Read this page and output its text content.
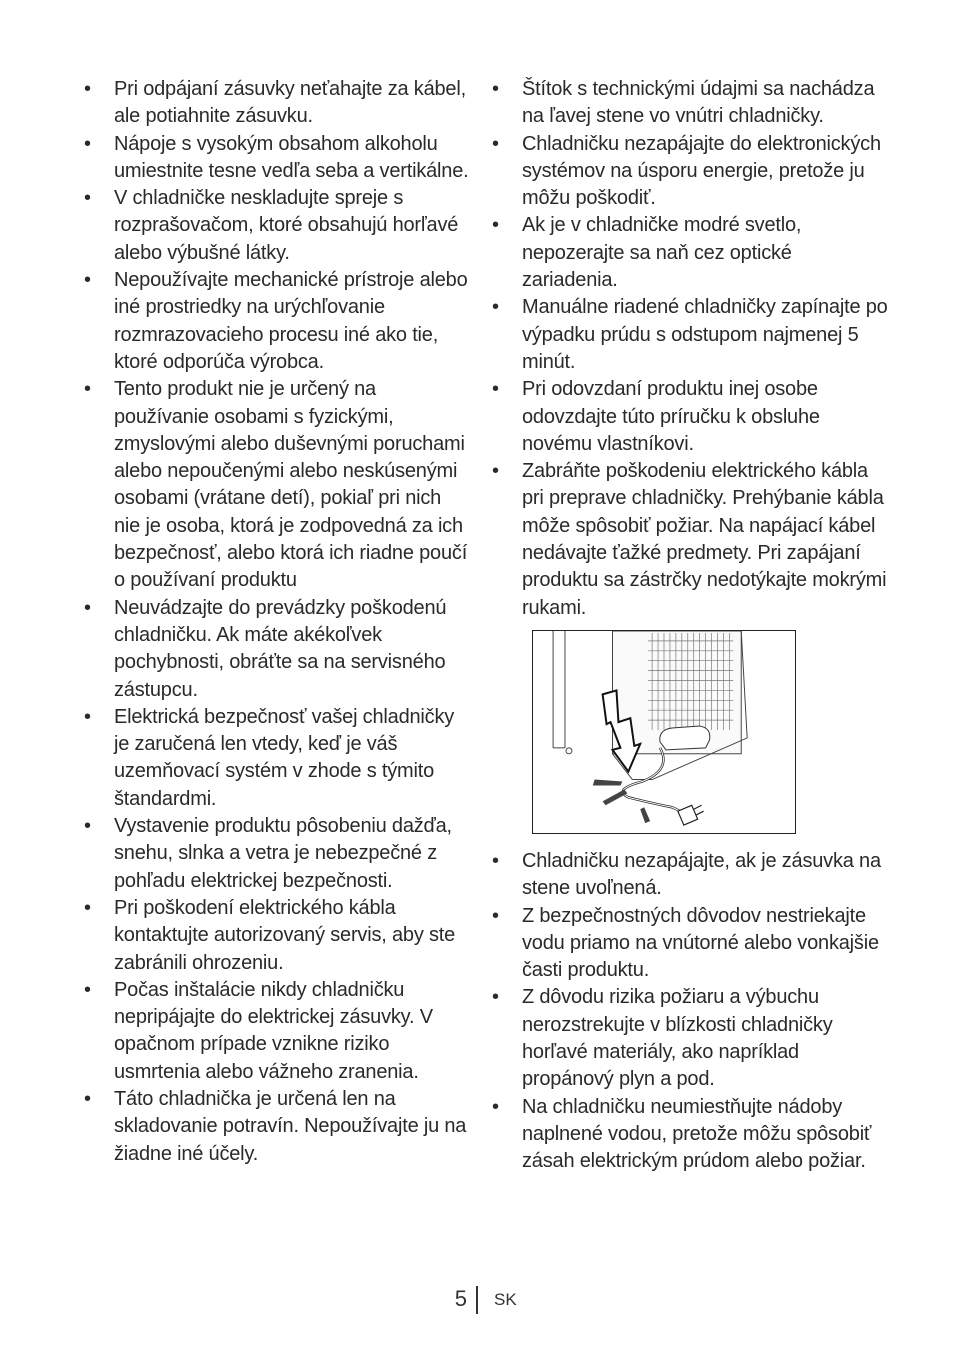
• Pri odpájaní zásuvky neťahajte za kábel, ale potiahnite zásuvku.
• Nápoje s vysokým obsahom alkoholu umiestnite tesne vedľa seba a vertikálne.
• V chladničke neskladujte spreje s rozprašovačom, ktoré obsahujú horľavé alebo výbušné látky.
• Nepoužívajte mechanické prístroje alebo iné prostriedky na urýchľovanie rozmrazovacieho procesu iné ako tie, ktoré odporúča výrobca.
• Tento produkt nie je určený na používanie osobami s fyzickými, zmyslovými alebo duševnými poruchami alebo nepoučenými alebo neskúsenými osobami (vrátane detí), pokiaľ pri nich nie je osoba, ktorá je zodpovedná za ich bezpečnosť, alebo ktorá ich riadne poučí o používaní produktu
• Neuvádzajte do prevádzky poškodenú chladničku. Ak máte akékoľvek pochybnosti, obráťte sa na servisného zástupcu.
• Elektrická bezpečnosť vašej chladničky je zaručená len vtedy, keď je váš uzemňovací systém v zhode s týmito štandardmi.
• Vystavenie produktu pôsobeniu dažďa, snehu, slnka a vetra je nebezpečné z pohľadu elektrickej bezpečnosti.
• Pri poškodení elektrického kábla kontaktujte autorizovaný servis, aby ste zabránili ohrozeniu.
• Počas inštalácie nikdy chladničku nepripájajte do elektrickej zásuvky. V opačnom prípade vznikne riziko usmrtenia alebo vážneho zranenia.
• Táto chladnička je určená len na skladovanie potravín. Nepoužívajte ju na žiadne iné účely.
• Štítok s technickými údajmi sa nachádza na ľavej stene vo vnútri chladničky.
• Chladničku nezapájajte do elektronických systémov na úsporu energie, pretože ju môžu poškodiť.
• Ak je v chladničke modré svetlo, nepozerajte sa naň cez optické zariadenia.
• Manuálne riadené chladničky zapínajte po výpadku prúdu s odstupom najmenej 5 minút.
• Pri odovzdaní produktu inej osobe odovzdajte túto príručku k obsluhe novému vlastníkovi.
• Zabráňte poškodeniu elektrického kábla pri preprave chladničky. Prehýbanie kábla môže spôsobiť požiar. Na napájací kábel nedávajte ťažké predmety. Pri zapájaní produktu sa zástrčky nedotýkajte mokrými rukami.
• Chladničku nezapájajte, ak je zásuvka na stene uvoľnená.
• Z bezpečnostných dôvodov nestriekajte vodu priamo na vnútorné alebo vonkajšie časti produktu.
• Z dôvodu rizika požiaru a výbuchu nerozstrekujte v blízkosti chladničky horľavé materiály, ako napríklad propánový plyn a pod.
• Na chladničku neumiestňujte nádoby naplnené vodou, pretože môžu spôsobiť zásah elektrickým prúdom alebo požiar.
5 SK
